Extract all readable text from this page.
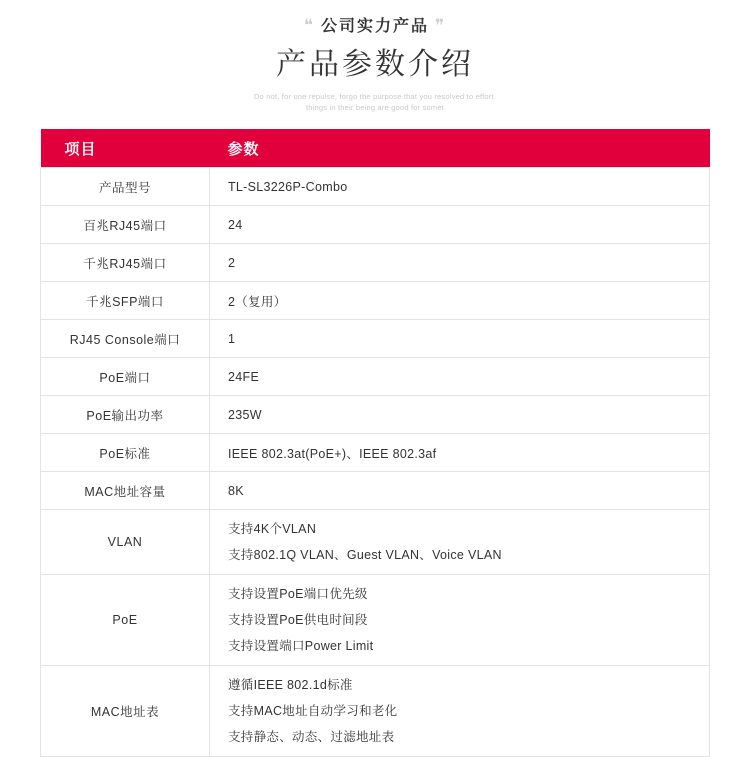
❝ 公司实力产品 ❞
产品参数介绍
Do not, for one repulse, forgo the purpose that you resolved to effort.
things in their being are good for somet
项目	参数
产品型号	TL-SL3226P-Combo
百兆RJ45端口	24
千兆RJ45端口	2
千兆SFP端口	2（复用）
RJ45 Console端口	1
PoE端口	24FE
PoE输出功率	235W
PoE标准	IEEE 802.3at(PoE+)、IEEE 802.3af
MAC地址容量	8K
VLAN	支持4K个VLAN
支持802.1Q VLAN、Guest VLAN、Voice VLAN

PoE	支持设置PoE端口优先级
支持设置PoE供电时间段
支持设置端口Power Limit

MAC地址表	遵循IEEE 802.1d标准
支持MAC地址自动学习和老化
支持静态、动态、过滤地址表
